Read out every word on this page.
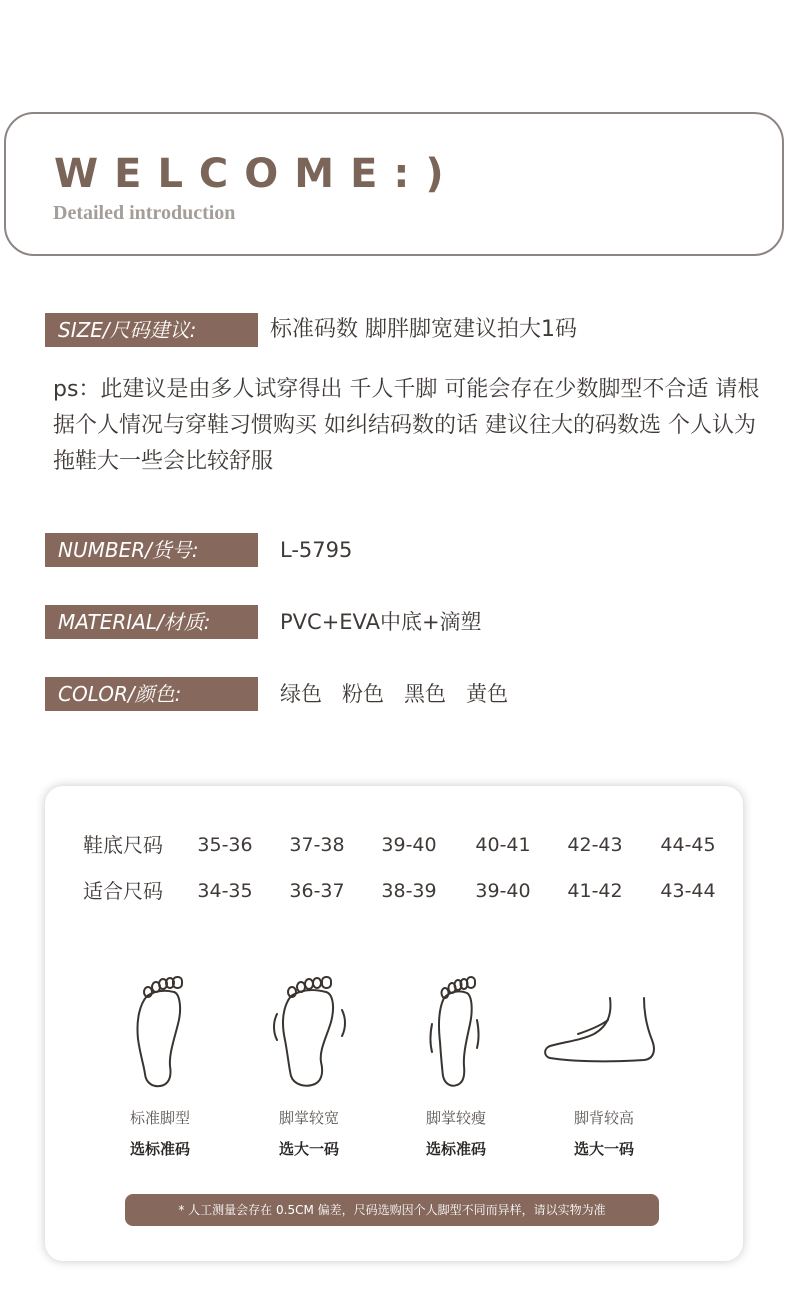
WELCOME:)
Detailed introduction
SIZE/尺码建议:	标准码数 脚胖脚宽建议拍大1码
ps：此建议是由多人试穿得出 千人千脚 可能会存在少数脚型不合适 请根据个人情况与穿鞋习惯购买 如纠结码数的话 建议往大的码数选 个人认为拖鞋大一些会比较舒服
NUMBER/货号:	L-5795
MATERIAL/材质:	PVC+EVA中底+滴塑
COLOR/颜色:	绿色   粉色   黑色   黄色
鞋底尺码	35-36	37-38	39-40	40-41	42-43	44-45
适合尺码	34-35	36-37	38-39	39-40	41-42	43-44
标准脚型
选标准码
脚掌较宽
选大一码
脚掌较瘦
选标准码
脚背较高
选大一码
* 人工测量会存在 0.5CM 偏差，尺码选购因个人脚型不同而异样，请以实物为准
